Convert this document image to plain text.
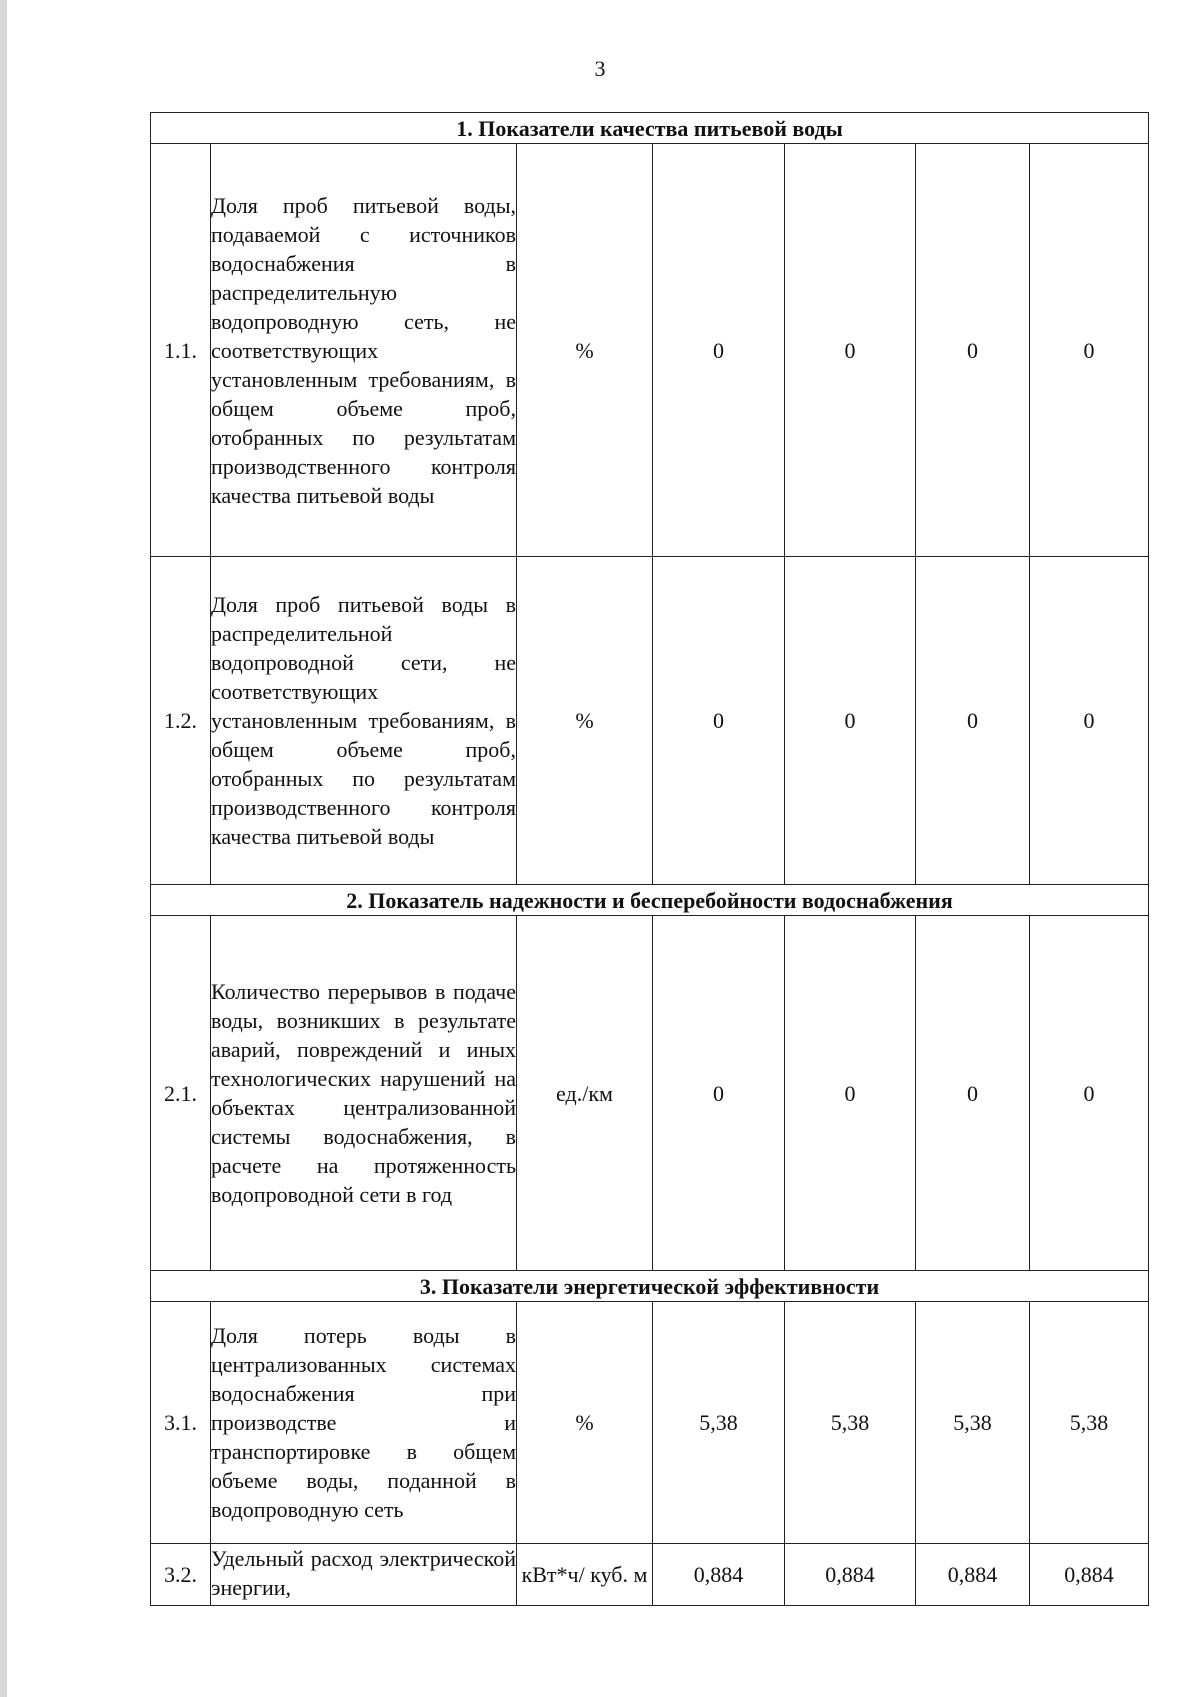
3
1. Показатели качества питьевой воды						
1.1.	Доля проб питьевой воды, подаваемой с источников водоснабжения в распределительную водопроводную сеть, не соответствующих установленным требованиям, в общем объеме проб, отобранных по результатам производственного контроля качества питьевой воды	%	0	0	0	0
1.2.	Доля проб питьевой воды в распределительной водопроводной сети, не соответствующих установленным требованиям, в общем объеме проб, отобранных по результатам производственного контроля качества питьевой воды	%	0	0	0	0
2. Показатель надежности и бесперебойности водоснабжения						
2.1.	Количество перерывов в подаче воды, возникших в результате аварий, повреждений и иных технологических нарушений на объектах централизованной системы водоснабжения, в расчете на протяженность водопроводной сети в год	ед./км	0	0	0	0
3. Показатели энергетической эффективности						
3.1.	Доля потерь воды в централизованных системах водоснабжения при производстве и транспортировке в общем объеме воды, поданной в водопроводную сеть	%	5,38	5,38	5,38	5,38
3.2.	Удельный расход электрической энергии,	кВт*ч/ куб. м	0,884	0,884	0,884	0,884
